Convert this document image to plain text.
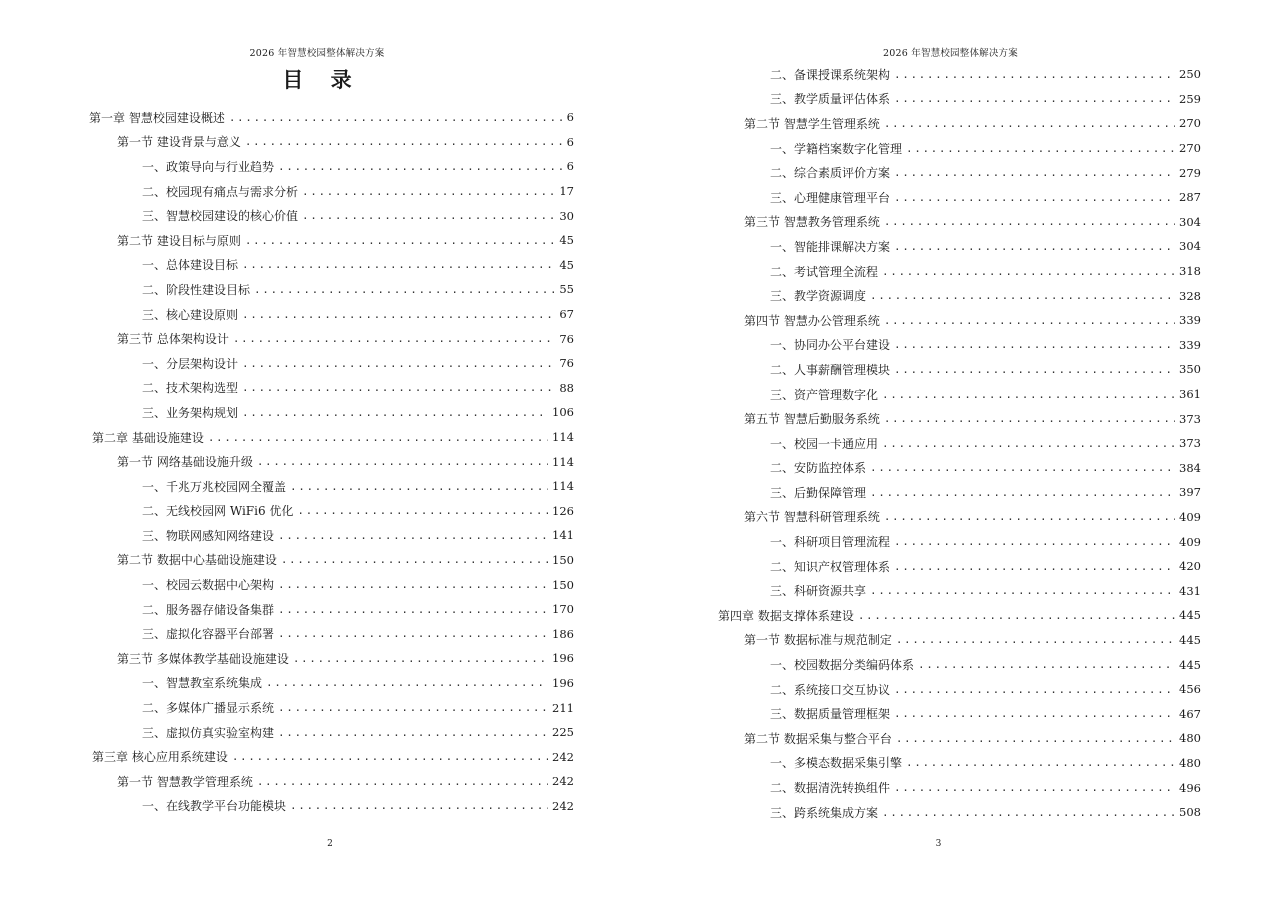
2026 年智慧校园整体解决方案
目 录
第一章 智慧校园建设概述 .....	6
第一节 建设背景与意义 .....	6
一、政策导向与行业趋势 .....	6
二、校园现有痛点与需求分析 .....	17
三、智慧校园建设的核心价值 .....	30
第二节 建设目标与原则 .....	45
一、总体建设目标 .....	45
二、阶段性建设目标 .....	55
三、核心建设原则 .....	67
第三节 总体架构设计 .....	76
一、分层架构设计 .....	76
二、技术架构选型 .....	88
三、业务架构规划 .....	106
第二章 基础设施建设 .....	114
第一节 网络基础设施升级 .....	114
一、千兆万兆校园网全覆盖 .....	114
二、无线校园网 WiFi6 优化 .....	126
三、物联网感知网络建设 .....	141
第二节 数据中心基础设施建设 .....	150
一、校园云数据中心架构 .....	150
二、服务器存储设备集群 .....	170
三、虚拟化容器平台部署 .....	186
第三节 多媒体教学基础设施建设 .....	196
一、智慧教室系统集成 .....	196
二、多媒体广播显示系统 .....	211
三、虚拟仿真实验室构建 .....	225
第三章 核心应用系统建设 .....	242
第一节 智慧教学管理系统 .....	242
一、在线教学平台功能模块 .....	242
2
2026 年智慧校园整体解决方案
二、备课授课系统架构 .....	250
三、教学质量评估体系 .....	259
第二节 智慧学生管理系统 .....	270
一、学籍档案数字化管理 .....	270
二、综合素质评价方案 .....	279
三、心理健康管理平台 .....	287
第三节 智慧教务管理系统 .....	304
一、智能排课解决方案 .....	304
二、考试管理全流程 .....	318
三、教学资源调度 .....	328
第四节 智慧办公管理系统 .....	339
一、协同办公平台建设 .....	339
二、人事薪酬管理模块 .....	350
三、资产管理数字化 .....	361
第五节 智慧后勤服务系统 .....	373
一、校园一卡通应用 .....	373
二、安防监控体系 .....	384
三、后勤保障管理 .....	397
第六节 智慧科研管理系统 .....	409
一、科研项目管理流程 .....	409
二、知识产权管理体系 .....	420
三、科研资源共享 .....	431
第四章 数据支撑体系建设 .....	445
第一节 数据标准与规范制定 .....	445
一、校园数据分类编码体系 .....	445
二、系统接口交互协议 .....	456
三、数据质量管理框架 .....	467
第二节 数据采集与整合平台 .....	480
一、多模态数据采集引擎 .....	480
二、数据清洗转换组件 .....	496
三、跨系统集成方案 .....	508
3
